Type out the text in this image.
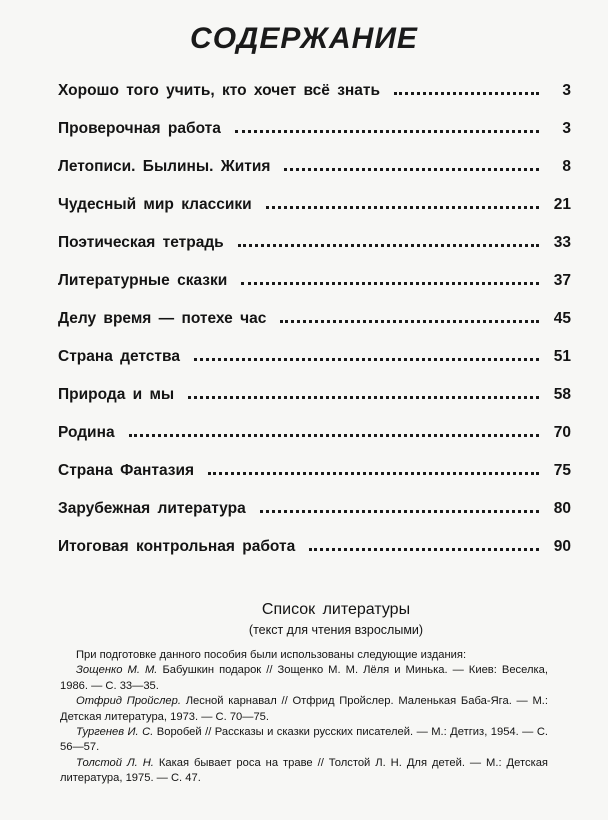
СОДЕРЖАНИЕ
Хорошо того учить, кто хочет всё знать	3
Проверочная работа	3
Летописи. Былины. Жития	8
Чудесный мир классики	21
Поэтическая тетрадь	33
Литературные сказки	37
Делу время — потехе час	45
Страна детства	51
Природа и мы	58
Родина	70
Страна Фантазия	75
Зарубежная литература	80
Итоговая контрольная работа	90
Список литературы
(текст для чтения взрослыми)

При подготовке данного пособия были использованы следующие издания:

Зощенко М. М. Бабушкин подарок // Зощенко М. М. Лёля и Минька. — Киев: Веселка, 1986. — С. 33—35.

Отфрид Пройслер. Лесной карнавал // Отфрид Пройслер. Маленькая Баба-Яга. — М.: Детская литература, 1973. — С. 70—75.

Тургенев И. С. Воробей // Рассказы и сказки русских писателей. — М.: Детгиз, 1954. — С. 56—57.

Толстой Л. Н. Какая бывает роса на траве // Толстой Л. Н. Для детей. — М.: Детская литература, 1975. — С. 47.
